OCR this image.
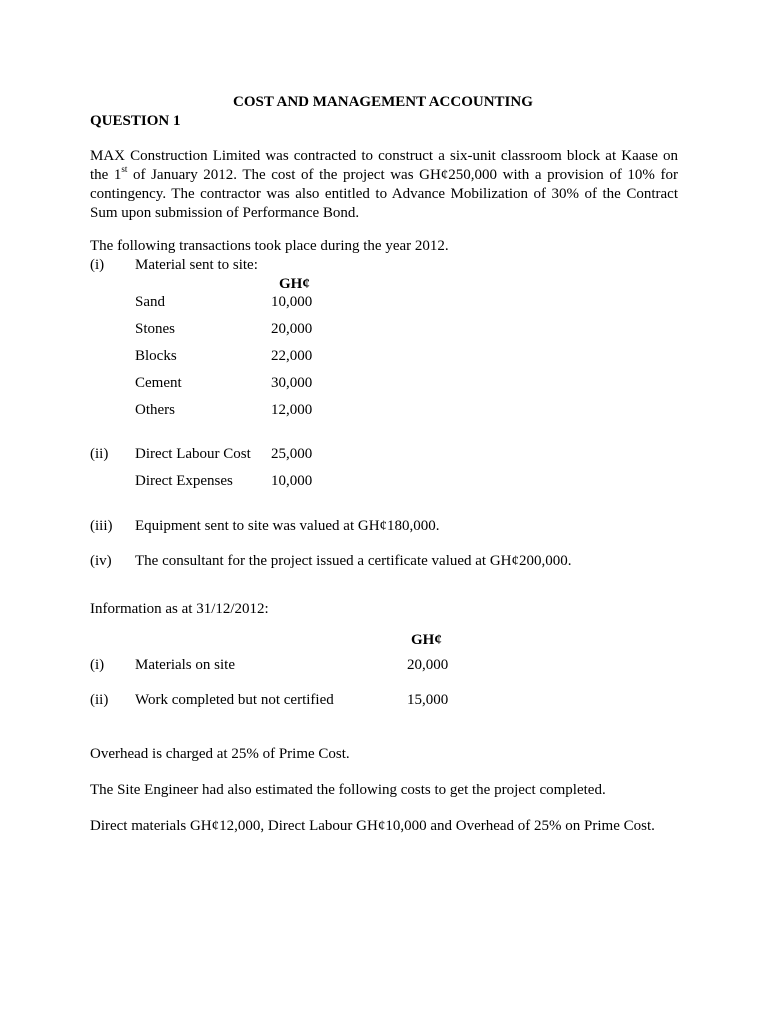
COST AND MANAGEMENT ACCOUNTING
QUESTION 1
MAX Construction Limited was contracted to construct a six-unit classroom block at Kaase on
the 1st of January 2012. The cost of the project was GH¢250,000 with a provision of 10% for
contingency. The contractor was also entitled to Advance Mobilization of 30% of the Contract
Sum upon submission of Performance Bond.
The following transactions took place during the year 2012.
(i) Material sent to site:
GH¢
Sand	10,000
Stones	20,000
Blocks	22,000
Cement	30,000
Others	12,000
(ii) Direct Labour Cost 25,000
Direct Expenses	10,000
(iii) Equipment sent to site was valued at GH¢180,000.
(iv) The consultant for the project issued a certificate valued at GH¢200,000.
Information as at 31/12/2012:
GH¢
(i) Materials on site	20,000
(ii) Work completed but not certified	15,000
Overhead is charged at 25% of Prime Cost.
The Site Engineer had also estimated the following costs to get the project completed.
Direct materials GH¢12,000, Direct Labour GH¢10,000 and Overhead of 25% on Prime Cost.
